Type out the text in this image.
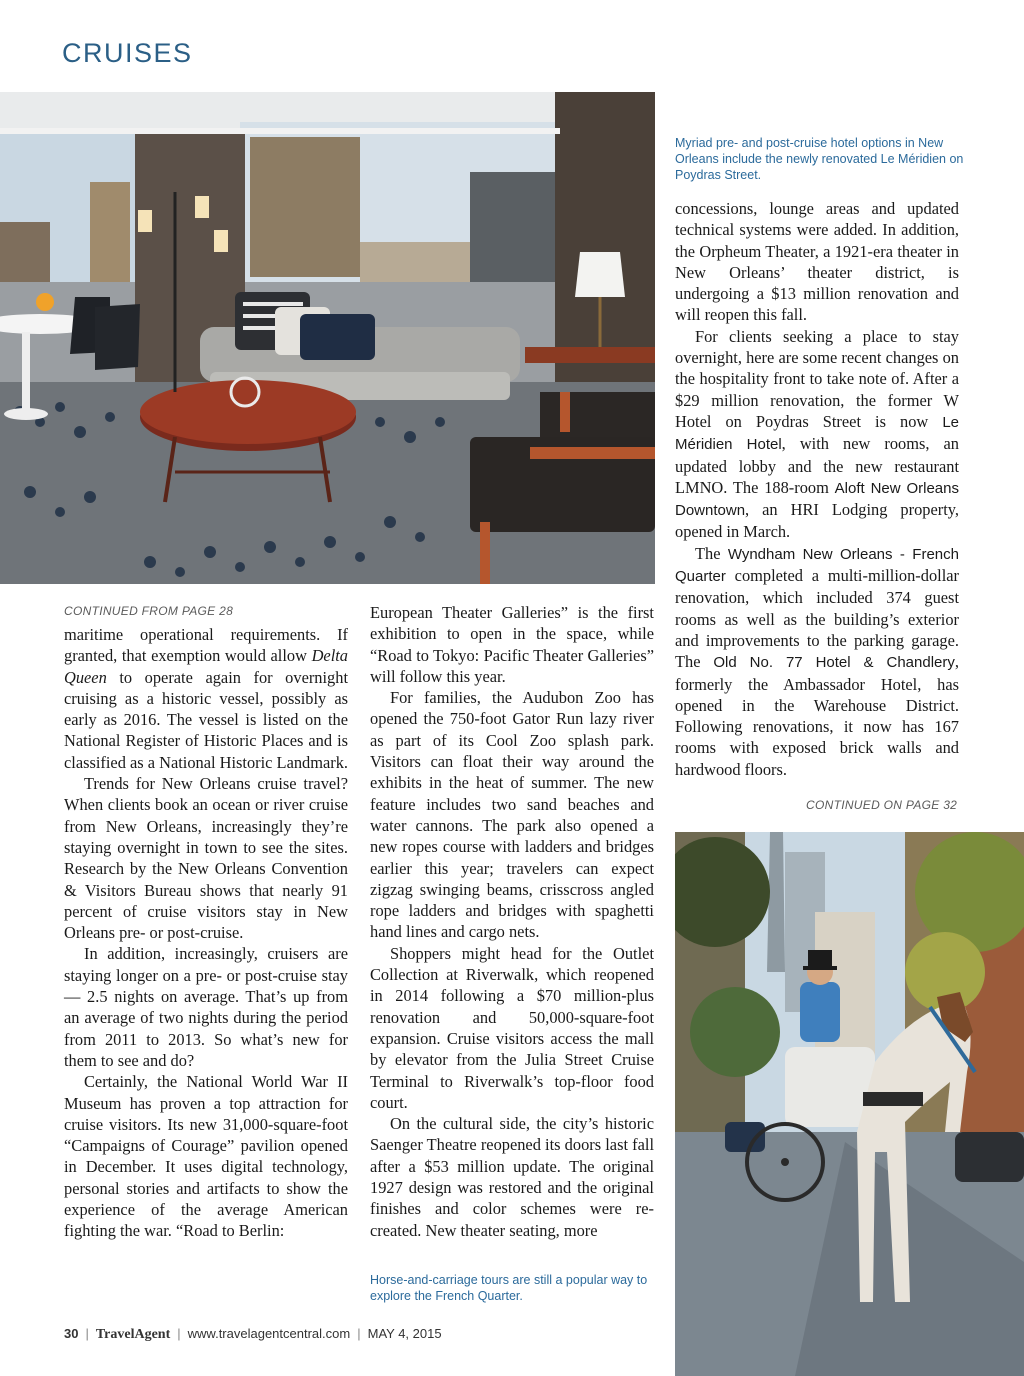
CRUISES
Myriad pre- and post-cruise hotel options in New Orleans include the newly renovated Le Méridien on Poydras Street.
CONTINUED FROM PAGE 28

maritime operational requirements. If granted, that exemption would allow Delta Queen to operate again for overnight cruising as a historic vessel, possibly as early as 2016. The vessel is listed on the National Register of Historic Places and is classified as a National Historic Landmark.

Trends for New Orleans cruise travel? When clients book an ocean or river cruise from New Orleans, increasingly they’re staying overnight in town to see the sites. Research by the New Orleans Convention & Visitors Bureau shows that nearly 91 percent of cruise visitors stay in New Orleans pre- or post-cruise.

In addition, increasingly, cruisers are staying longer on a pre- or post-cruise stay — 2.5 nights on average. That’s up from an average of two nights during the period from 2011 to 2013. So what’s new for them to see and do?

Certainly, the National World War II Museum has proven a top attraction for cruise visitors. Its new 31,000-square-foot “Campaigns of Courage” pavilion opened in December. It uses digital technology, personal stories and artifacts to show the experience of the average American fighting the war. “Road to Berlin:

European Theater Galleries” is the first exhibition to open in the space, while “Road to Tokyo: Pacific Theater Galleries” will follow this year.

For families, the Audubon Zoo has opened the 750-foot Gator Run lazy river as part of its Cool Zoo splash park. Visitors can float their way around the exhibits in the heat of summer. The new feature includes two sand beaches and water cannons. The park also opened a new ropes course with ladders and bridges earlier this year; travelers can expect zigzag swinging beams, crisscross angled rope ladders and bridges with spaghetti hand lines and cargo nets.

Shoppers might head for the Outlet Collection at Riverwalk, which reopened in 2014 following a $70 million-plus renovation and 50,000-square-foot expansion. Cruise visitors access the mall by elevator from the Julia Street Cruise Terminal to Riverwalk’s top-floor food court.

On the cultural side, the city’s historic Saenger Theatre reopened its doors last fall after a $53 million update. The original 1927 design was restored and the original finishes and color schemes were re-created. New theater seating, more

Horse-and-carriage tours are still a popular way to explore the French Quarter.

concessions, lounge areas and updated technical systems were added. In addition, the Orpheum Theater, a 1921-era theater in New Orleans’ theater district, is undergoing a $13 million renovation and will reopen this fall.

For clients seeking a place to stay overnight, here are some recent changes on the hospitality front to take note of. After a $29 million renovation, the former W Hotel on Poydras Street is now Le Méridien Hotel, with new rooms, an updated lobby and the new restaurant LMNO. The 188-room Aloft New Orleans Downtown, an HRI Lodging property, opened in March.

The Wyndham New Orleans - French Quarter completed a multi-million-dollar renovation, which included 374 guest rooms as well as the building’s exterior and improvements to the parking garage. The Old No. 77 Hotel & Chandlery, formerly the Ambassador Hotel, has opened in the Warehouse District. Following renovations, it now has 167 rooms with exposed brick walls and hardwood floors.

CONTINUED ON PAGE 32
30 | TravelAgent | www.travelagentcentral.com | MAY 4, 2015
